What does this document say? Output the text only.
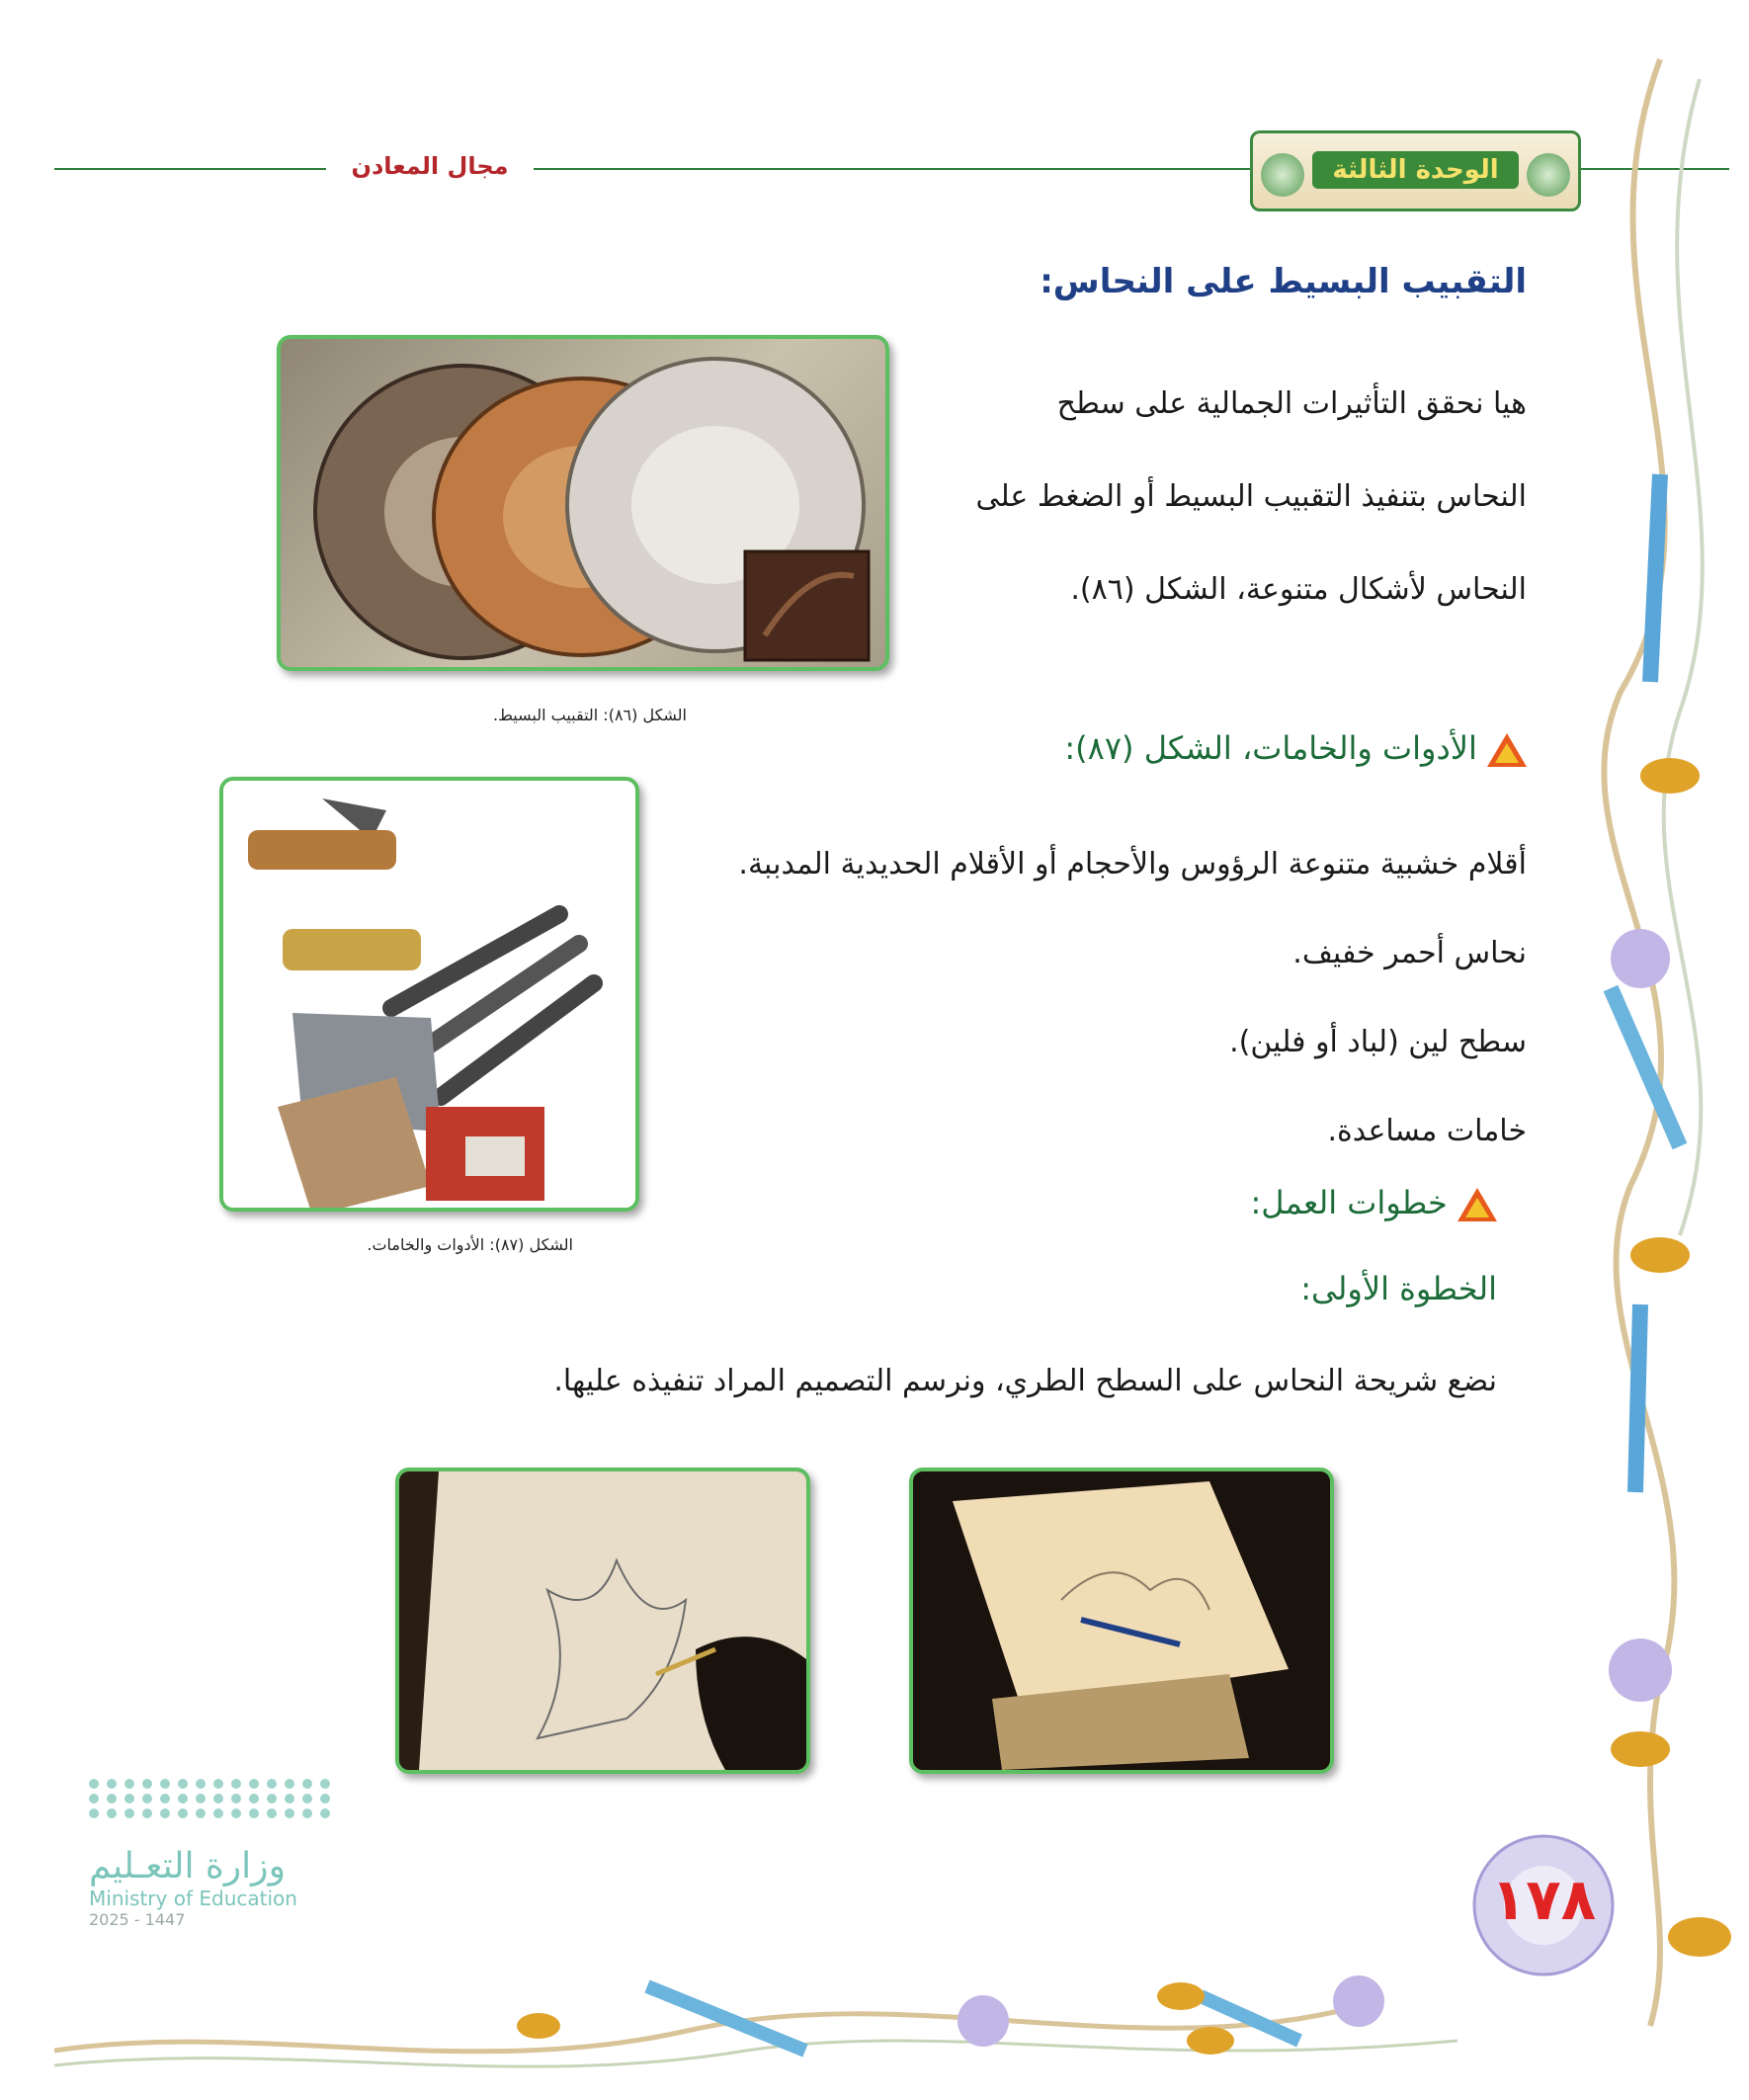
مجال المعادن	الوحدة الثالثة
التقبيب البسيط على النحاس:
هيا نحقق التأثيرات الجمالية على سطح
النحاس بتنفيذ التقبيب البسيط أو الضغط على
النحاس لأشكال متنوعة، الشكل (٨٦).
الشكل (٨٦): التقبيب البسيط.
الأدوات والخامات، الشكل (٨٧):
أقلام خشبية متنوعة الرؤوس والأحجام أو الأقلام الحديدية المدببة.
نحاس أحمر خفيف.
سطح لين (لباد أو فلين).
خامات مساعدة.
الشكل (٨٧): الأدوات والخامات.
خطوات العمل:
الخطوة الأولى:
نضع شريحة النحاس على السطح الطري، ونرسم التصميم المراد تنفيذه عليها.
١٧٨
وزارة التعـليم
Ministry of Education
2025 - 1447
